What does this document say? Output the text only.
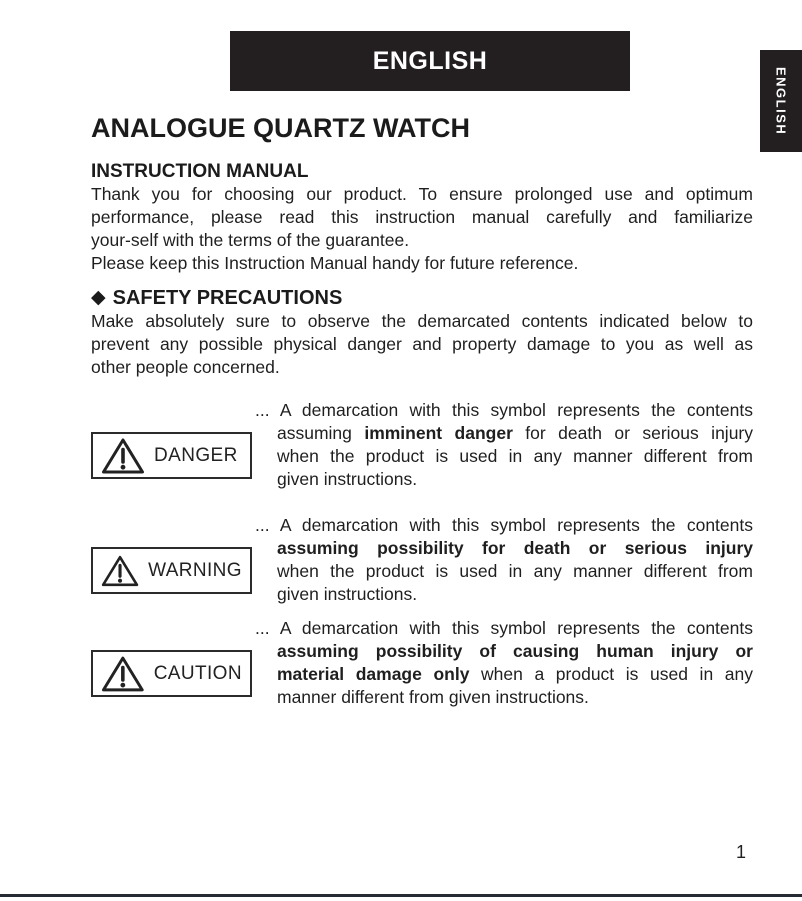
ENGLISH
ENGLISH
ANALOGUE QUARTZ WATCH
INSTRUCTION MANUAL
Thank you for choosing our product. To ensure prolonged use and optimum
performance, please read this instruction manual carefully and familiarize
your-self with the terms of the guarantee.
Please keep this Instruction Manual handy for future reference.
◆ SAFETY PRECAUTIONS
Make absolutely sure to observe the demarcated contents indicated below to
prevent any possible physical danger and property damage to you as well as
other people concerned.
DANGER
... A demarcation with this symbol represents the contents
assuming imminent danger for death or serious injury
when the product is used in any manner different from
given instructions.
WARNING
... A demarcation with this symbol represents the contents
assuming possibility for death or serious injury
when the product is used in any manner different from
given instructions.
CAUTION
... A demarcation with this symbol represents the contents
assuming possibility of causing human injury or
material damage only when a product is used in any
manner different from given instructions.
1
